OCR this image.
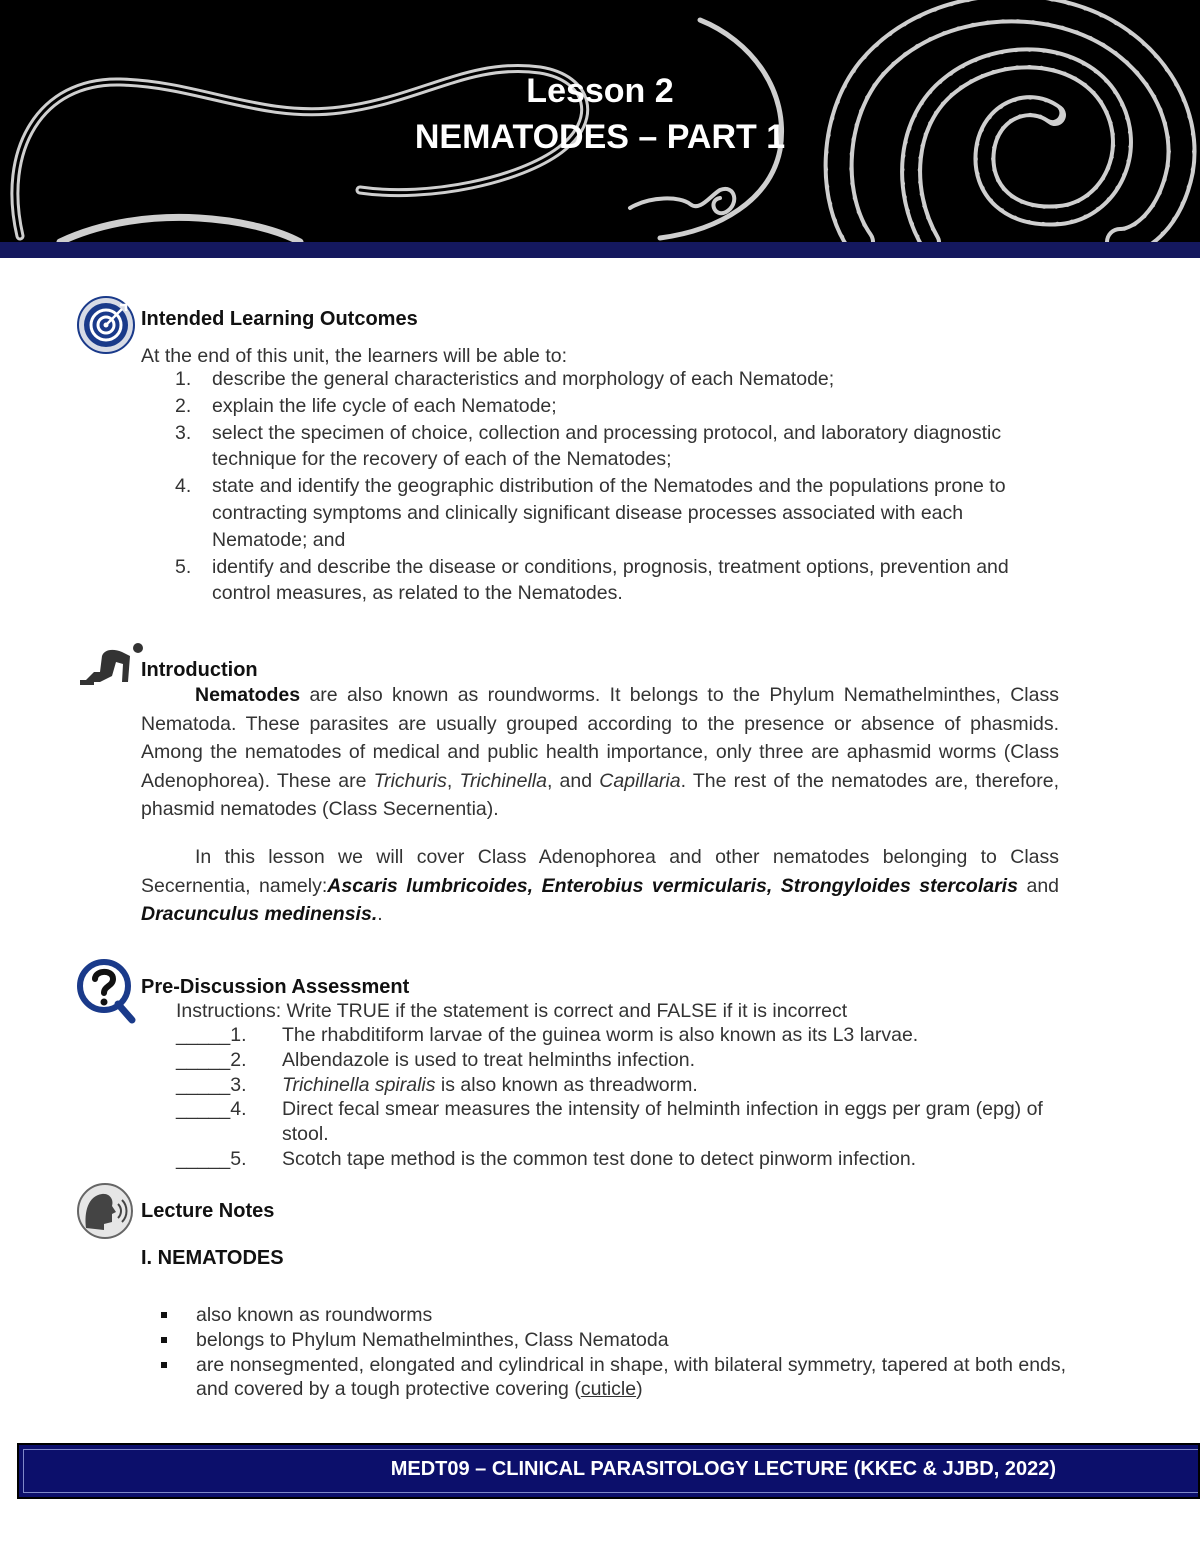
Lesson 2
NEMATODES – PART 1
Intended Learning Outcomes
At the end of this unit, the learners will be able to:
1. describe the general characteristics and morphology of each Nematode;
2. explain the life cycle of each Nematode;
3. select the specimen of choice, collection and processing protocol, and laboratory diagnostic technique for the recovery of each of the Nematodes;
4. state and identify the geographic distribution of the Nematodes and the populations prone to contracting symptoms and clinically significant disease processes associated with each Nematode; and
5. identify and describe the disease or conditions, prognosis, treatment options, prevention and control measures, as related to the Nematodes.
Introduction
Nematodes are also known as roundworms. It belongs to the Phylum Nemathelminthes, Class Nematoda. These parasites are usually grouped according to the presence or absence of phasmids. Among the nematodes of medical and public health importance, only three are aphasmid worms (Class Adenophorea). These are Trichuris, Trichinella, and Capillaria. The rest of the nematodes are, therefore, phasmid nematodes (Class Secernentia).
In this lesson we will cover Class Adenophorea and other nematodes belonging to Class Secernentia, namely:Ascaris lumbricoides, Enterobius vermicularis, Strongyloides stercolaris and Dracunculus medinensis..
Pre-Discussion Assessment
Instructions: Write TRUE if the statement is correct and FALSE if it is incorrect
_____1. The rhabditiform larvae of the guinea worm is also known as its L3 larvae.
_____2. Albendazole is used to treat helminths infection.
_____3. Trichinella spiralis is also known as threadworm.
_____4. Direct fecal smear measures the intensity of helminth infection in eggs per gram (epg) of stool.
_____5. Scotch tape method is the common test done to detect pinworm infection.
Lecture Notes
I. NEMATODES
also known as roundworms
belongs to Phylum Nemathelminthes, Class Nematoda
are nonsegmented, elongated and cylindrical in shape, with bilateral symmetry, tapered at both ends, and covered by a tough protective covering (cuticle)
MEDT09 – CLINICAL PARASITOLOGY LECTURE (KKEC & JJBD, 2022)
